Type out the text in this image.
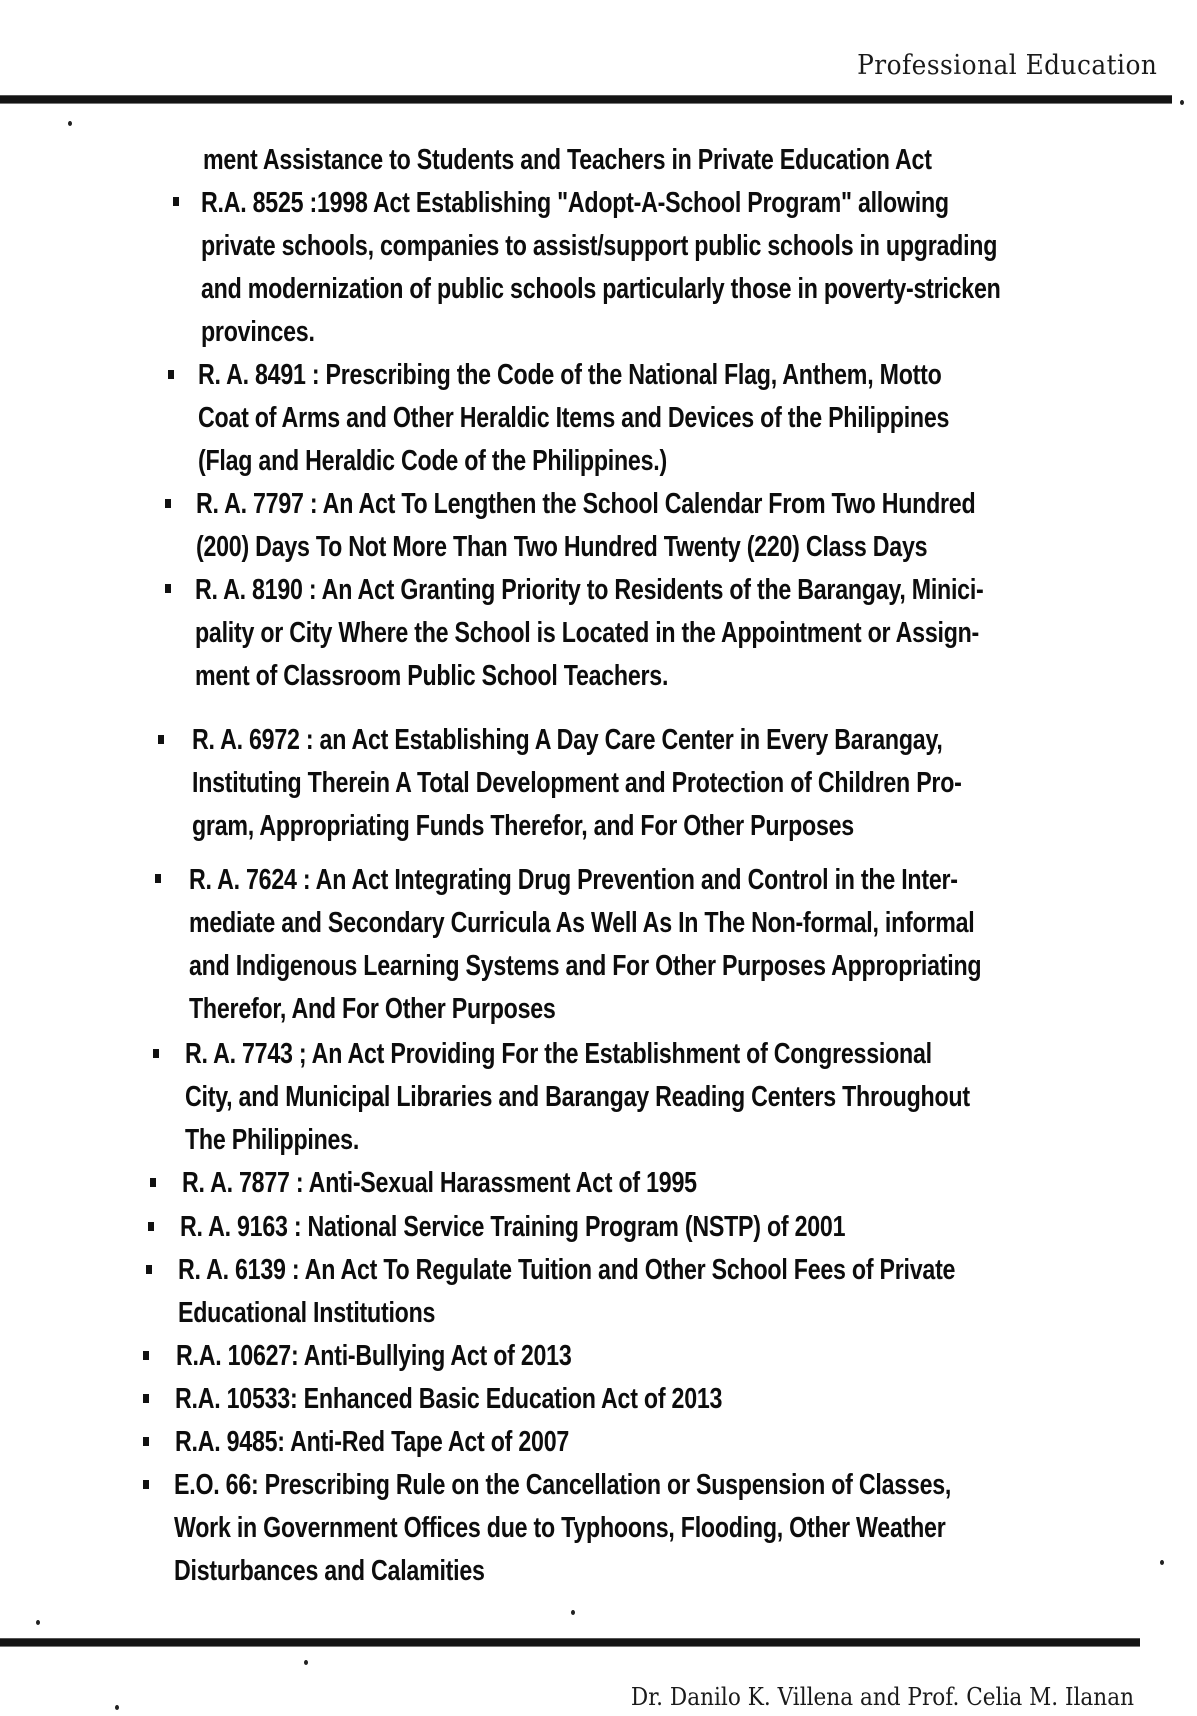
Professional Education
ment Assistance to Students and Teachers in Private Education Act
R.A. 8525 :1998 Act Establishing "Adopt-A-School Program" allowing
private schools, companies to assist/support public schools in upgrading
and modernization of public schools particularly those in poverty-stricken
provinces.
R. A. 8491 : Prescribing the Code of the National Flag, Anthem, Motto
Coat of Arms and Other Heraldic Items and Devices of the Philippines
(Flag and Heraldic Code of the Philippines.)
R. A. 7797 : An Act To Lengthen the School Calendar From Two Hundred
(200) Days To Not More Than Two Hundred Twenty (220) Class Days
R. A. 8190 : An Act Granting Priority to Residents of the Barangay, Minici-
pality or City Where the School is Located in the Appointment or Assign-
ment of Classroom Public School Teachers.
R. A. 6972 : an Act Establishing A Day Care Center in Every Barangay,
Instituting Therein A Total Development and Protection of Children Pro-
gram, Appropriating Funds Therefor, and For Other Purposes
R. A. 7624 : An Act Integrating Drug Prevention and Control in the Inter-
mediate and Secondary Curricula As Well As In The Non-formal, informal
and Indigenous Learning Systems and For Other Purposes Appropriating
Therefor, And For Other Purposes
R. A. 7743 ; An Act Providing For the Establishment of Congressional
City, and Municipal Libraries and Barangay Reading Centers Throughout
The Philippines.
R. A. 7877 : Anti-Sexual Harassment Act of 1995
R. A. 9163 : National Service Training Program (NSTP) of 2001
R. A. 6139 : An Act To Regulate Tuition and Other School Fees of Private
Educational Institutions
R.A. 10627: Anti-Bullying Act of 2013
R.A. 10533: Enhanced Basic Education Act of 2013
R.A. 9485: Anti-Red Tape Act of 2007
E.O. 66: Prescribing Rule on the Cancellation or Suspension of Classes,
Work in Government Offices due to Typhoons, Flooding, Other Weather
Disturbances and Calamities
Dr. Danilo K. Villena and Prof. Celia M. Ilanan
